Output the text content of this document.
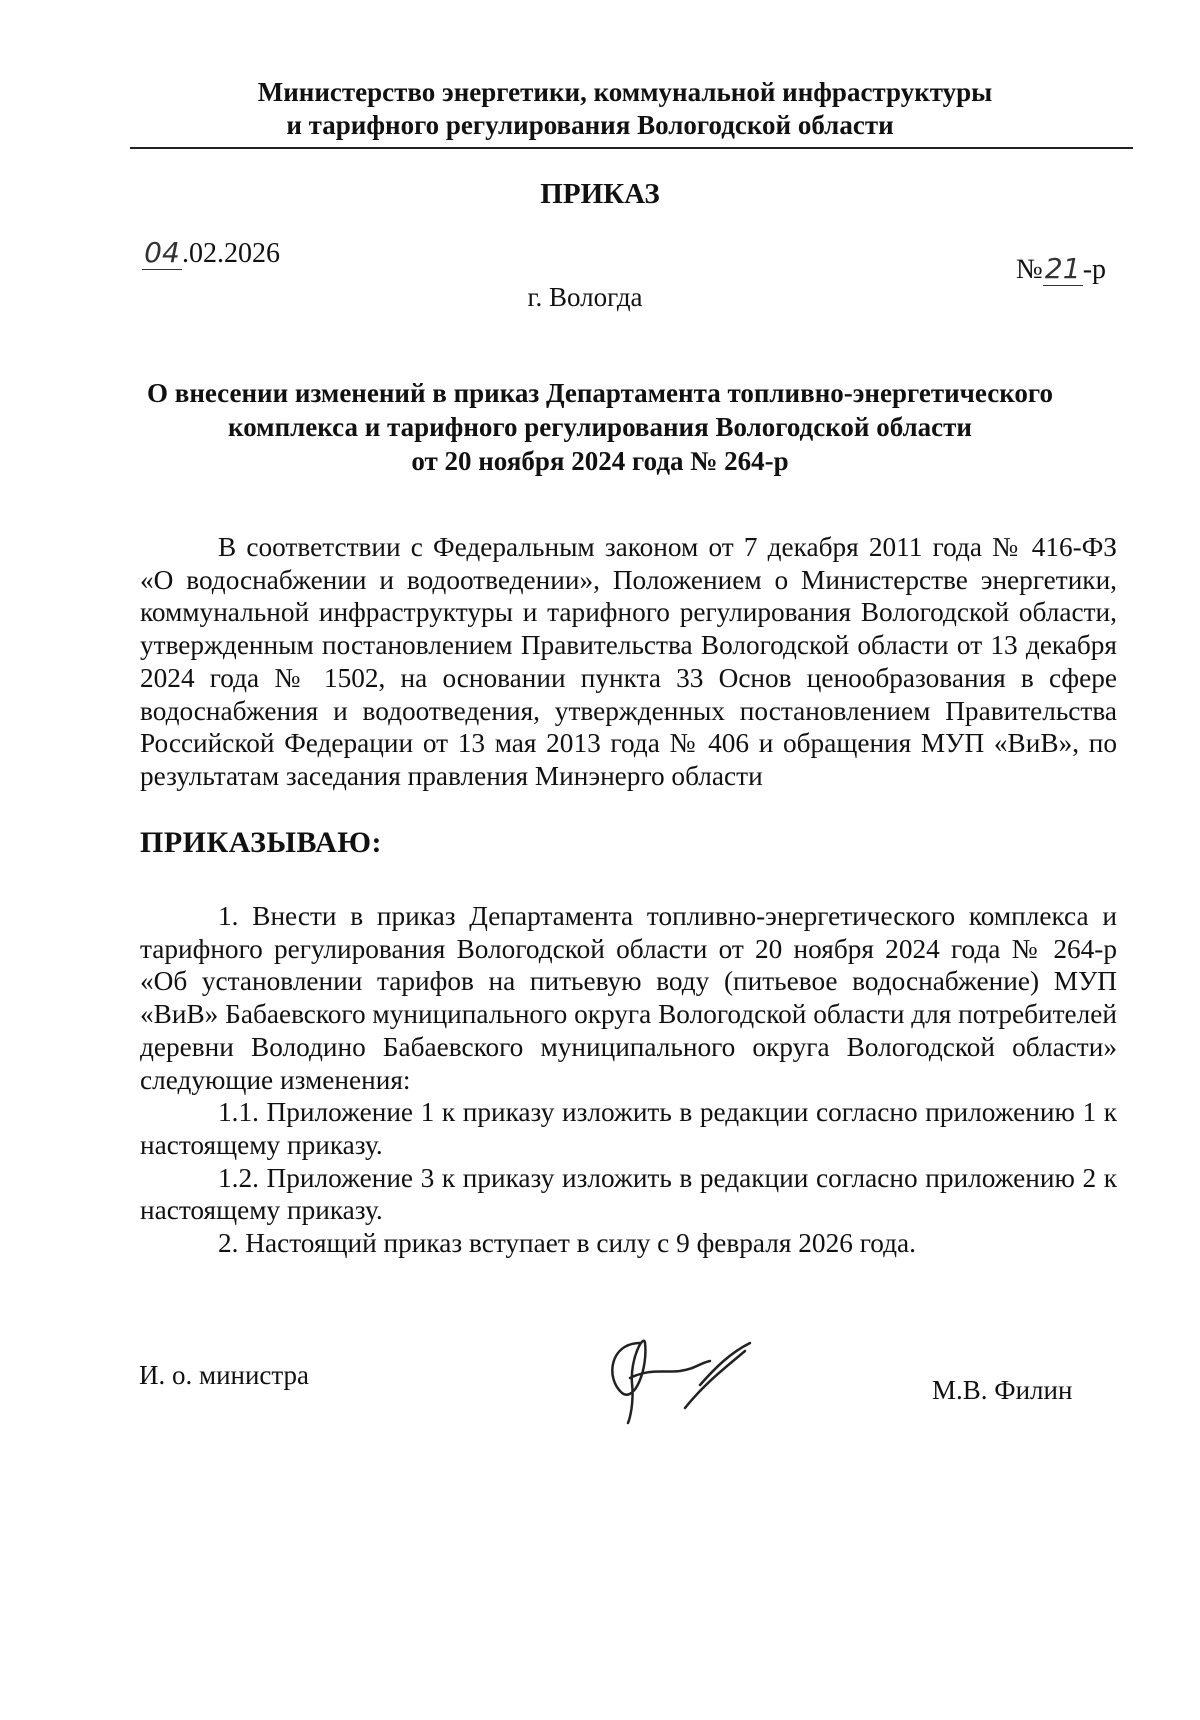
Министерство энергетики, коммунальной инфраструктуры
и тарифного регулирования Вологодской области
ПРИКАЗ
04.02.2026
№21-р
г. Вологда
О внесении изменений в приказ Департамента топливно-энергетического
комплекса и тарифного регулирования Вологодской области
от 20 ноября 2024 года № 264-р

В соответствии с Федеральным законом от 7 декабря 2011 года № 416-ФЗ «О водоснабжении и водоотведении», Положением о Министерстве энергетики, коммунальной инфраструктуры и тарифного регулирования Вологодской области, утвержденным постановлением Правительства Вологодской области от 13 декабря 2024 года № 1502, на основании пункта 33 Основ ценообразования в сфере водоснабжения и водоотведения, утвержденных постановлением Правительства Российской Федерации от 13 мая 2013 года № 406 и обращения МУП «ВиВ», по результатам заседания правления Минэнерго области

ПРИКАЗЫВАЮ:

1. Внести в приказ Департамента топливно-энергетического комплекса и тарифного регулирования Вологодской области от 20 ноября 2024 года № 264-р «Об установлении тарифов на питьевую воду (питьевое водоснабжение) МУП «ВиВ» Бабаевского муниципального округа Вологодской области для потребителей деревни Володино Бабаевского муниципального округа Вологодской области» следующие изменения:

1.1. Приложение 1 к приказу изложить в редакции согласно приложению 1 к настоящему приказу.

1.2. Приложение 3 к приказу изложить в редакции согласно приложению 2 к настоящему приказу.

2. Настоящий приказ вступает в силу с 9 февраля 2026 года.

И. о. министра	М.В. Филин
